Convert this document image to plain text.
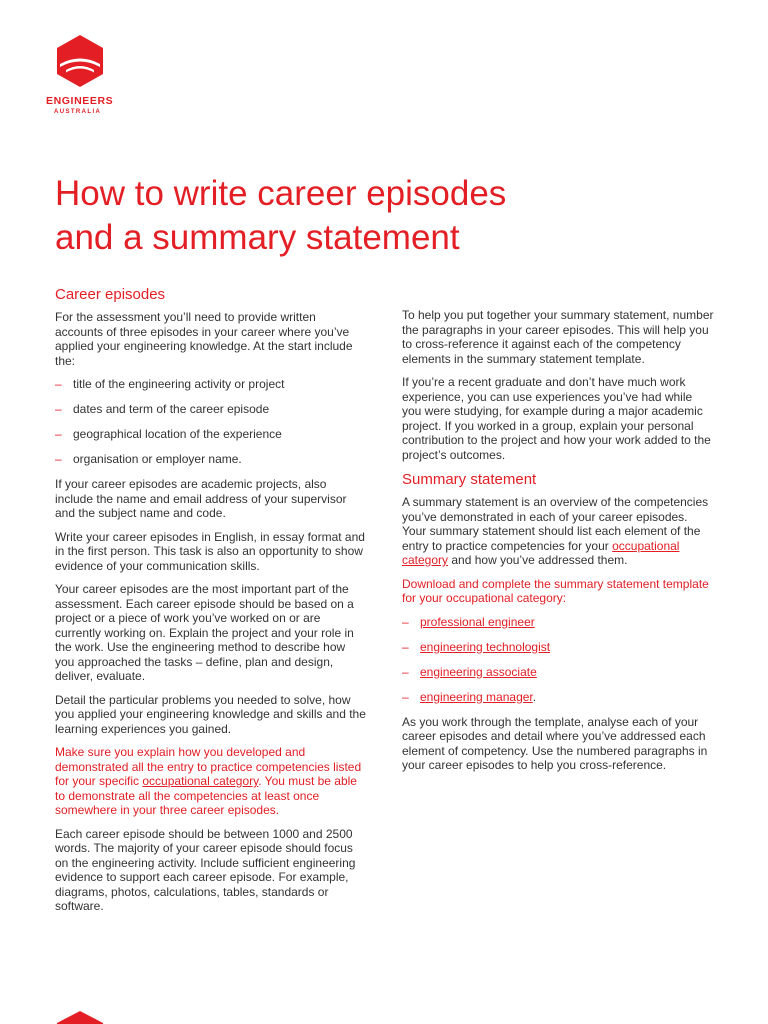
ENGINEERS
AUSTRALIA
How to write career episodes
and a summary statement
Career episodes

For the assessment you’ll need to provide written accounts of three episodes in your career where you’ve applied your engineering knowledge. At the start include the:

– title of the engineering activity or project
– dates and term of the career episode
– geographical location of the experience
– organisation or employer name.

If your career episodes are academic projects, also include the name and email address of your supervisor and the subject name and code.

Write your career episodes in English, in essay format and in the first person. This task is also an opportunity to show evidence of your communication skills.

Your career episodes are the most important part of the assessment. Each career episode should be based on a project or a piece of work you’ve worked on or are currently working on. Explain the project and your role in the work. Use the engineering method to describe how you approached the tasks – define, plan and design, deliver, evaluate.

Detail the particular problems you needed to solve, how you applied your engineering knowledge and skills and the learning experiences you gained.

Make sure you explain how you developed and demonstrated all the entry to practice competencies listed for your specific occupational category. You must be able to demonstrate all the competencies at least once somewhere in your three career episodes.

Each career episode should be between 1000 and 2500 words. The majority of your career episode should focus on the engineering activity. Include sufficient engineering evidence to support each career episode. For example, diagrams, photos, calculations, tables, standards or software.

To help you put together your summary statement, number the paragraphs in your career episodes. This will help you to cross-reference it against each of the competency elements in the summary statement template.

If you’re a recent graduate and don’t have much work experience, you can use experiences you’ve had while you were studying, for example during a major academic project. If you worked in a group, explain your personal contribution to the project and how your work added to the project’s outcomes.

Summary statement

A summary statement is an overview of the competencies you’ve demonstrated in each of your career episodes. Your summary statement should list each element of the entry to practice competencies for your occupational category and how you’ve addressed them.

Download and complete the summary statement template for your occupational category:

– professional engineer
– engineering technologist
– engineering associate
– engineering manager.

As you work through the template, analyse each of your career episodes and detail where you’ve addressed each element of competency. Use the numbered paragraphs in your career episodes to help you cross-reference.
